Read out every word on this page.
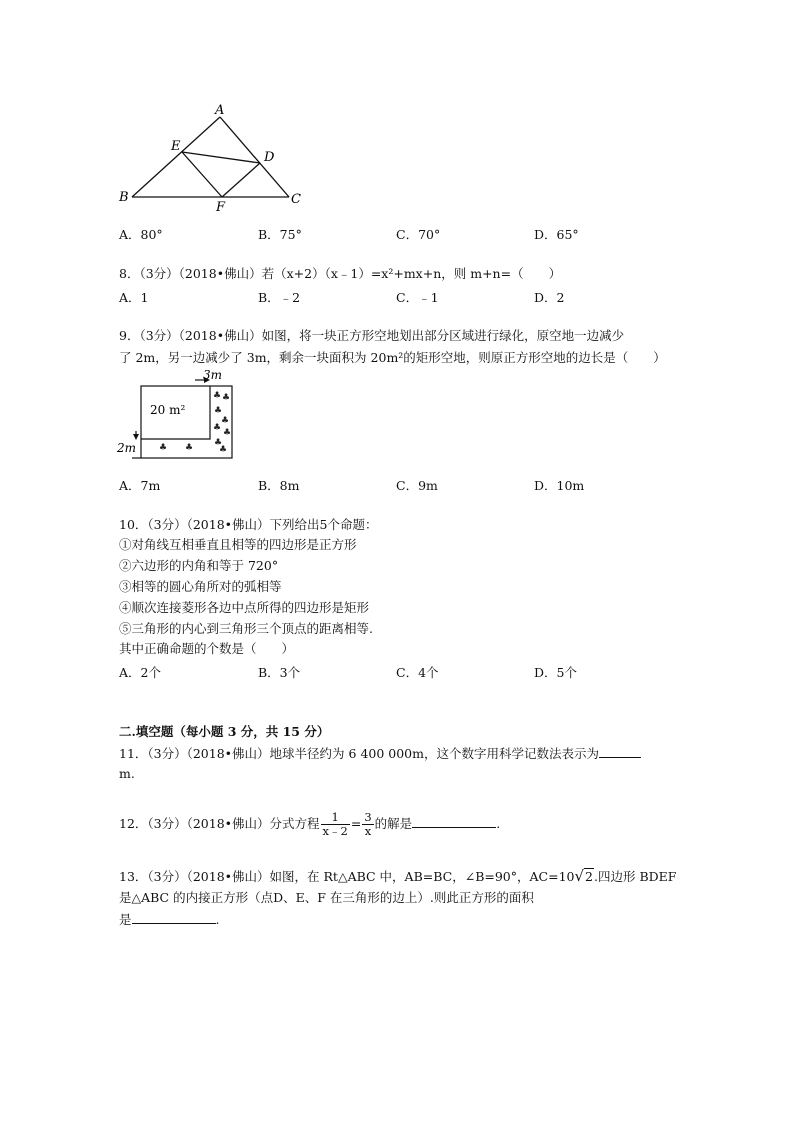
A
E
D
B
F
C
A．80°	B．75°	C．70°	D．65°
8．（3分）（2018•佛山）若（x+2）（x﹣1）=x²+mx+n，则 m+n=（　　）
A．1	B．﹣2	C．﹣1	D．2
9．（3分）（2018•佛山）如图，将一块正方形空地划出部分区域进行绿化，原空地一边减少
了 2m，另一边减少了 3m，剩余一块面积为 20m²的矩形空地，则原正方形空地的边长是（　　）
3m
20 m²
2m
♣ ♣
♣
♣
♣ ♣
♣
♣
♣ ♣
A．7m	B．8m	C．9m	D．10m
10．（3分）（2018•佛山）下列给出5个命题：
①对角线互相垂直且相等的四边形是正方形
②六边形的内角和等于 720°
③相等的圆心角所对的弧相等
④顺次连接菱形各边中点所得的四边形是矩形
⑤三角形的内心到三角形三个顶点的距离相等.
其中正确命题的个数是（　　）
A．2个	B．3个	C．4个	D．5个
二.填空题（每小题 3 分，共 15 分）
11．（3分）（2018•佛山）地球半径约为 6 400 000m，这个数字用科学记数法表示为
m.
12．（3分）（2018•佛山）分式方程 $\frac{1}{x﹣2} = \frac{3}{x}$ 的解是	.
13．（3分）（2018•佛山）如图，在 Rt△ABC 中，AB=BC，∠B=90°，AC=10√2.四边形 BDEF
是△ABC 的内接正方形（点D、E、F 在三角形的边上）.则此正方形的面积
是	.
